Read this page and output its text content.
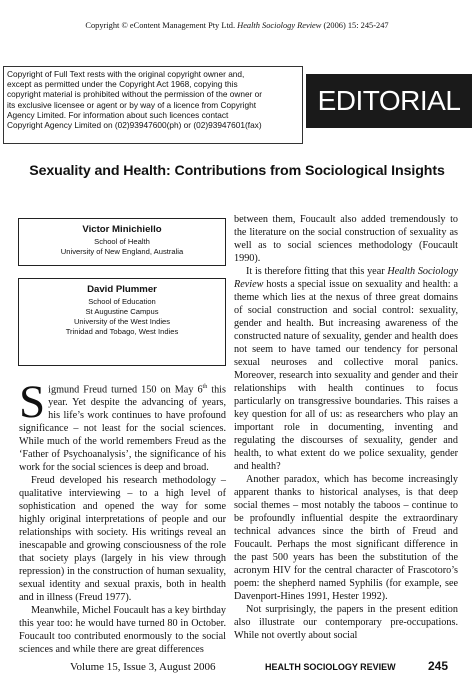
Copyright © eContent Management Pty Ltd. Health Sociology Review (2006) 15: 245-247
Copyright of Full Text rests with the original copyright owner and,
except as permitted under the Copyright Act 1968, copying this
copyright material is prohibited without the permission of the owner or
its exclusive licensee or agent or by way of a licence from Copyright
Agency Limited. For information about such licences contact
Copyright Agency Limited on (02)93947600(ph) or (02)93947601(fax)
EDITORIAL
Sexuality and Health: Contributions from Sociological Insights
Victor Minichiello
School of Health
University of New England, Australia
David Plummer
School of Education
St Augustine Campus
University of the West Indies
Trinidad and Tobago, West Indies

Sigmund Freud turned 150 on May 6th this year. Yet despite the advancing of years, his life’s work continues to have profound significance – not least for the social sciences. While much of the world remembers Freud as the ‘Father of Psychoanalysis’, the significance of his work for the social sciences is deep and broad.

Freud developed his research methodology – qualitative interviewing – to a high level of sophistication and opened the way for some highly original interpretations of people and our relationships with society. His writings reveal an inescapable and growing consciousness of the role that society plays (largely in his view through repression) in the construction of human sexuality, sexual identity and sexual praxis, both in health and in illness (Freud 1977).

Meanwhile, Michel Foucault has a key birthday this year too: he would have turned 80 in October. Foucault too contributed enormously to the social sciences and while there are great differences

between them, Foucault also added tremendously to the literature on the social construction of sexuality as well as to social sciences methodology (Foucault 1990).

It is therefore fitting that this year Health Sociology Review hosts a special issue on sexuality and health: a theme which lies at the nexus of three great domains of social construction and social control: sexuality, gender and health. But increasing awareness of the constructed nature of sexuality, gender and health does not seem to have tamed our tendency for personal sexual neuroses and collective moral panics. Moreover, research into sexuality and gender and their relationships with health continues to focus particularly on transgressive boundaries. This raises a key question for all of us: as researchers who play an important role in documenting, inventing and regulating the discourses of sexuality, gender and health, to what extent do we police sexuality, gender and health?

Another paradox, which has become increasingly apparent thanks to historical analyses, is that deep social themes – most notably the taboos – continue to be profoundly influential despite the extraordinary technical advances since the birth of Freud and Foucault. Perhaps the most significant difference in the past 500 years has been the substitution of the acronym HIV for the central character of Frascotoro’s poem: the shepherd named Syphilis (for example, see Davenport-Hines 1991, Hester 1992).

Not surprisingly, the papers in the present edition also illustrate our contemporary pre-occupations. While not overtly about social

Volume 15, Issue 3, August 2006	HEALTH SOCIOLOGY REVIEW	245
